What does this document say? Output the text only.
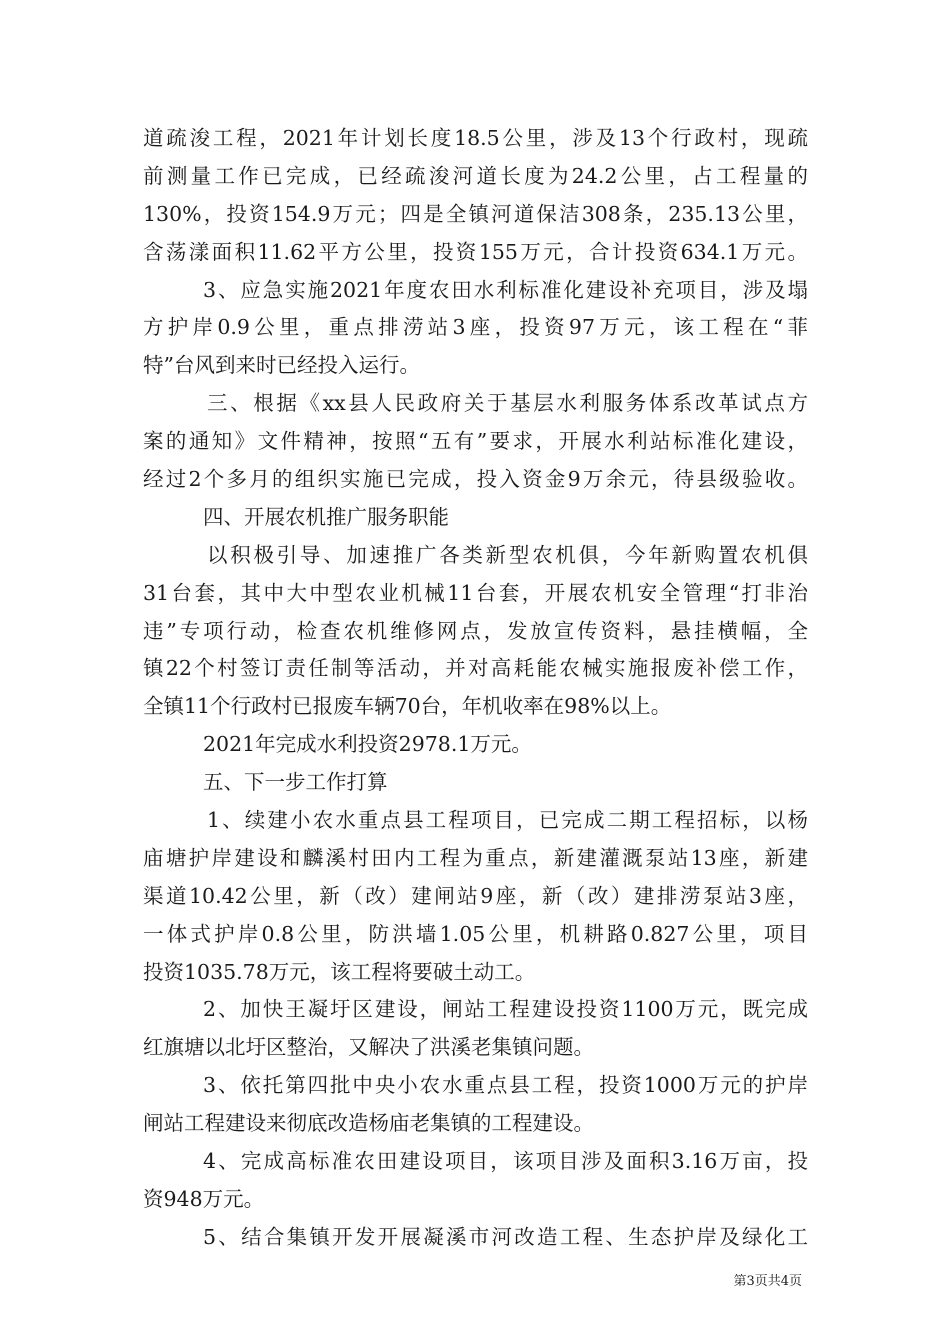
道疏浚工程，2021年计划长度18.5公里，涉及13个行政村，现疏
前测量工作已完成，已经疏浚河道长度为24.2公里，占工程量的
130%，投资154.9万元；四是全镇河道保洁308条，235.13公里，
含荡漾面积11.62平方公里，投资155万元，合计投资634.1万元。
3、应急实施2021年度农田水利标准化建设补充项目，涉及塌
方护岸0.9公里，重点排涝站3座，投资97万元，该工程在“菲
特”台风到来时已经投入运行。
三、根据《xx县人民政府关于基层水利服务体系改革试点方
案的通知》文件精神，按照“五有”要求，开展水利站标准化建设，
经过2个多月的组织实施已完成，投入资金9万余元，待县级验收。
四、开展农机推广服务职能
以积极引导、加速推广各类新型农机俱，今年新购置农机俱
31台套，其中大中型农业机械11台套，开展农机安全管理“打非治
违”专项行动，检查农机维修网点，发放宣传资料，悬挂横幅，全
镇22个村签订责任制等活动，并对高耗能农械实施报废补偿工作，
全镇11个行政村已报废车辆70台，年机收率在98%以上。
2021年完成水利投资2978.1万元。
五、下一步工作打算
1、续建小农水重点县工程项目，已完成二期工程招标，以杨
庙塘护岸建设和麟溪村田内工程为重点，新建灌溉泵站13座，新建
渠道10.42公里，新（改）建闸站9座，新（改）建排涝泵站3座，
一体式护岸0.8公里，防洪墙1.05公里，机耕路0.827公里，项目
投资1035.78万元，该工程将要破土动工。
2、加快王凝圩区建设，闸站工程建设投资1100万元，既完成
红旗塘以北圩区整治，又解决了洪溪老集镇问题。
3、依托第四批中央小农水重点县工程，投资1000万元的护岸
闸站工程建设来彻底改造杨庙老集镇的工程建设。
4、完成高标准农田建设项目，该项目涉及面积3.16万亩，投
资948万元。
5、结合集镇开发开展凝溪市河改造工程、生态护岸及绿化工
第3页共4页
